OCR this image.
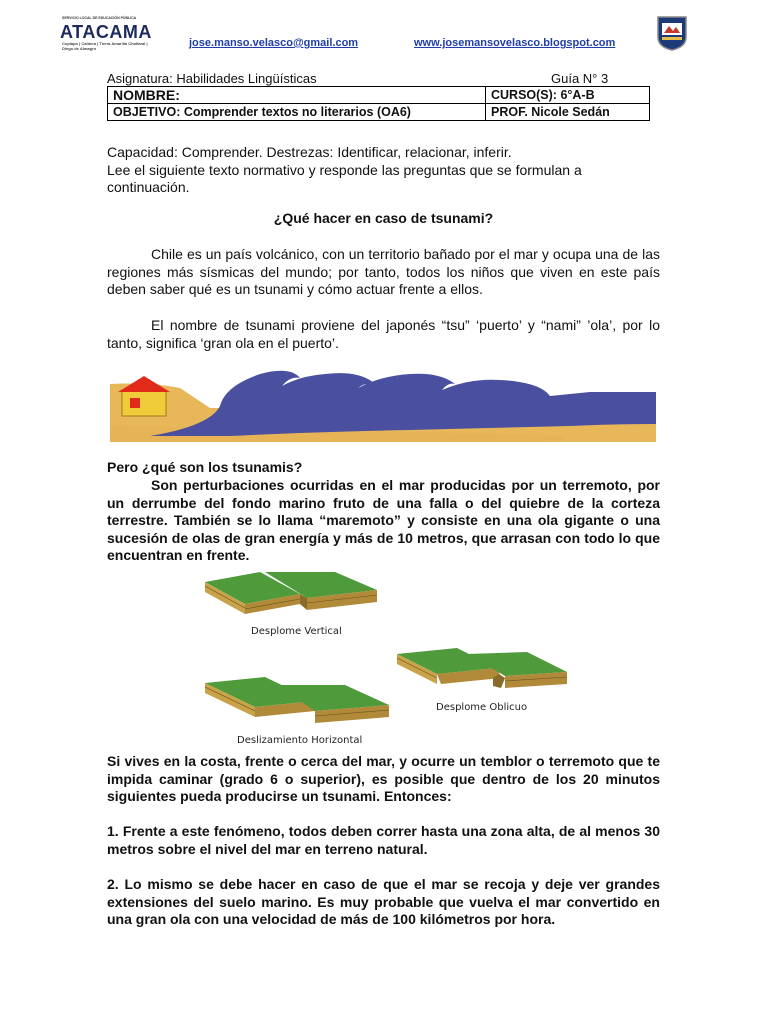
SERVICIO LOCAL DE EDUCACIÓN PÚBLICA
ATACAMA
Copiapó | Caldera | Tierra Amarilla Chañaral | Diego de Almagro	jose.manso.velasco@gmail.com	www.josemansovelasco.blogspot.com
Asignatura: Habilidades Lingüísticas	Guía N° 3
NOMBRE:	CURSO(S): 6°A-B
OBJETIVO: Comprender textos no literarios (OA6)	PROF. Nicole Sedán
Capacidad: Comprender. Destrezas: Identificar, relacionar, inferir.
Lee el siguiente texto normativo y responde las preguntas que se formulan a continuación.
¿Qué hacer en caso de tsunami?
Chile es un país volcánico, con un territorio bañado por el mar y ocupa una de las regiones más sísmicas del mundo; por tanto, todos los niños que viven en este país deben saber qué es un tsunami y cómo actuar frente a ellos.
El nombre de tsunami proviene del japonés “tsu” ‘puerto’ y “nami” ’ola’, por lo tanto, significa ‘gran ola en el puerto’.
Pero ¿qué son los tsunamis?
Son perturbaciones ocurridas en el mar producidas por un terremoto, por un derrumbe del fondo marino fruto de una falla o del quiebre de la corteza terrestre. También se lo llama “maremoto” y consiste en una ola gigante o una sucesión de olas de gran energía y más de 10 metros, que arrasan con todo lo que encuentran en frente.
Desplome Vertical
Desplome Oblicuo
Deslizamiento Horizontal
Si vives en la costa, frente o cerca del mar, y ocurre un temblor o terremoto que te impida caminar (grado 6 o superior), es posible que dentro de los 20 minutos siguientes pueda producirse un tsunami. Entonces:
1. Frente a este fenómeno, todos deben correr hasta una zona alta, de al menos 30 metros sobre el nivel del mar en terreno natural.
2. Lo mismo se debe hacer en caso de que el mar se recoja y deje ver grandes extensiones del suelo marino. Es muy probable que vuelva el mar convertido en una gran ola con una velocidad de más de 100 kilómetros por hora.
